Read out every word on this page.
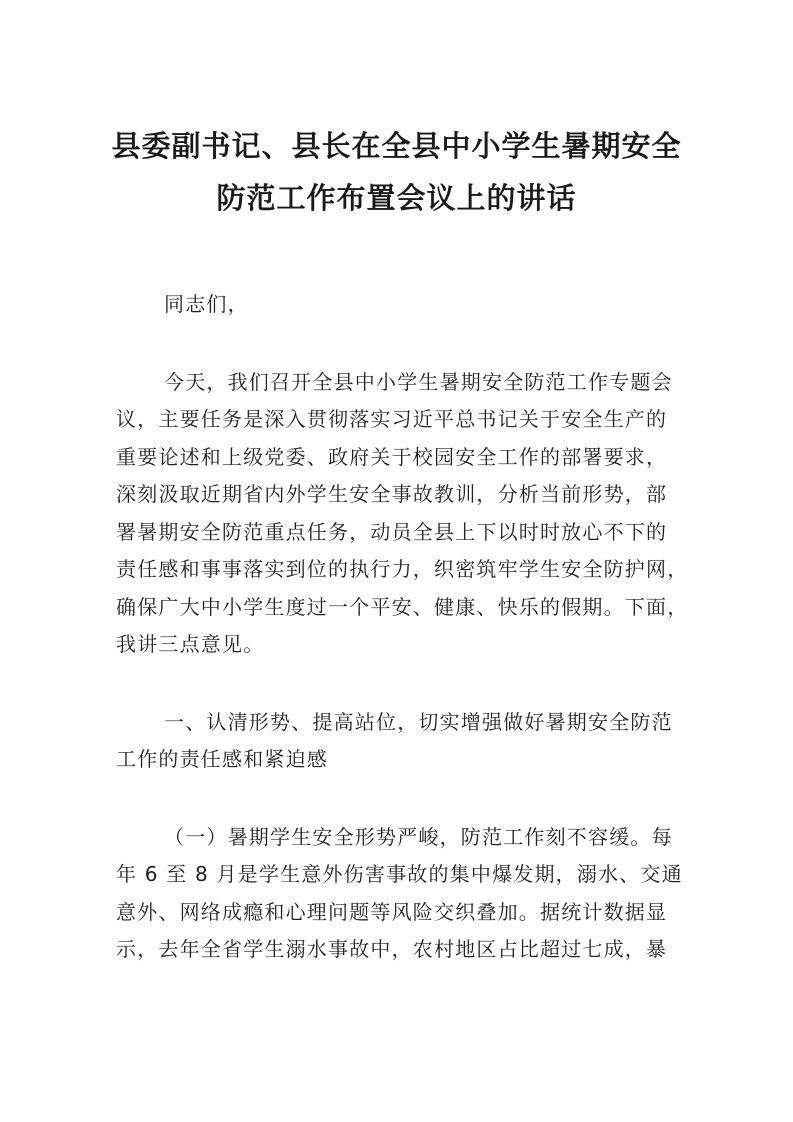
县委副书记、县长在全县中小学生暑期安全
防范工作布置会议上的讲话

同志们，

今天，我们召开全县中小学生暑期安全防范工作专题会
议，主要任务是深入贯彻落实习近平总书记关于安全生产的
重要论述和上级党委、政府关于校园安全工作的部署要求，
深刻汲取近期省内外学生安全事故教训，分析当前形势，部
署暑期安全防范重点任务，动员全县上下以时时放心不下的
责任感和事事落实到位的执行力，织密筑牢学生安全防护网，
确保广大中小学生度过一个平安、健康、快乐的假期。下面，
我讲三点意见。

一、认清形势、提高站位，切实增强做好暑期安全防范
工作的责任感和紧迫感

（一）暑期学生安全形势严峻，防范工作刻不容缓。每
年 6 至 8 月是学生意外伤害事故的集中爆发期，溺水、交通
意外、网络成瘾和心理问题等风险交织叠加。据统计数据显
示，去年全省学生溺水事故中，农村地区占比超过七成，暴
